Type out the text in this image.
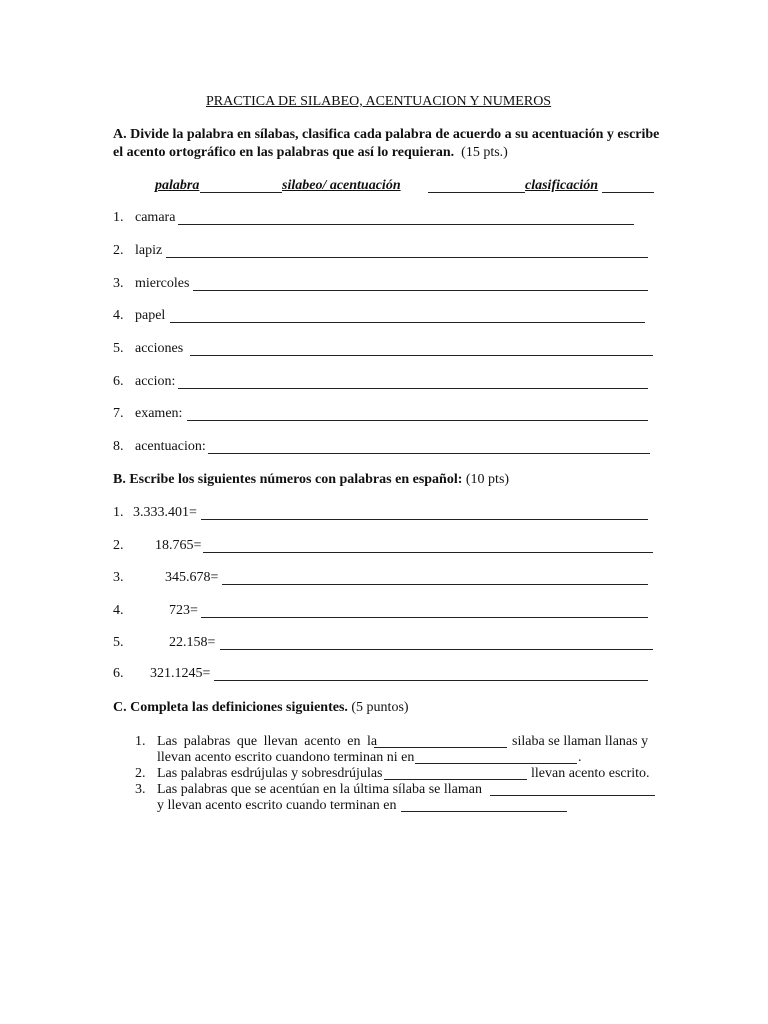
PRACTICA DE SILABEO, ACENTUACION Y NUMEROS
A. Divide la palabra en sílabas, clasifica cada palabra de acuerdo a su acentuación y escribe
el acento ortográfico en las palabras que así lo requieran. (15 pts.)
palabra	silabeo/ acentuación	clasificación
1. camara
2. lapiz
3. miercoles
4. papel
5. acciones
6. accion:
7. examen:
8. acentuacion:
B. Escribe los siguientes números con palabras en español: (10 pts)
1. 3.333.401=
2. 18.765=
3.	345.678=
4.	723=
5.	22.158=
6. 321.1245=
C. Completa las definiciones siguientes. (5 puntos)
1. Las palabras que llevan acento en la	silaba se llaman llanas y
llevan acento escrito cuandono terminan ni en	.
2. Las palabras esdrújulas y sobresdrújulas	llevan acento escrito.
3. Las palabras que se acentúan en la última sílaba se llaman
y llevan acento escrito cuando terminan en
